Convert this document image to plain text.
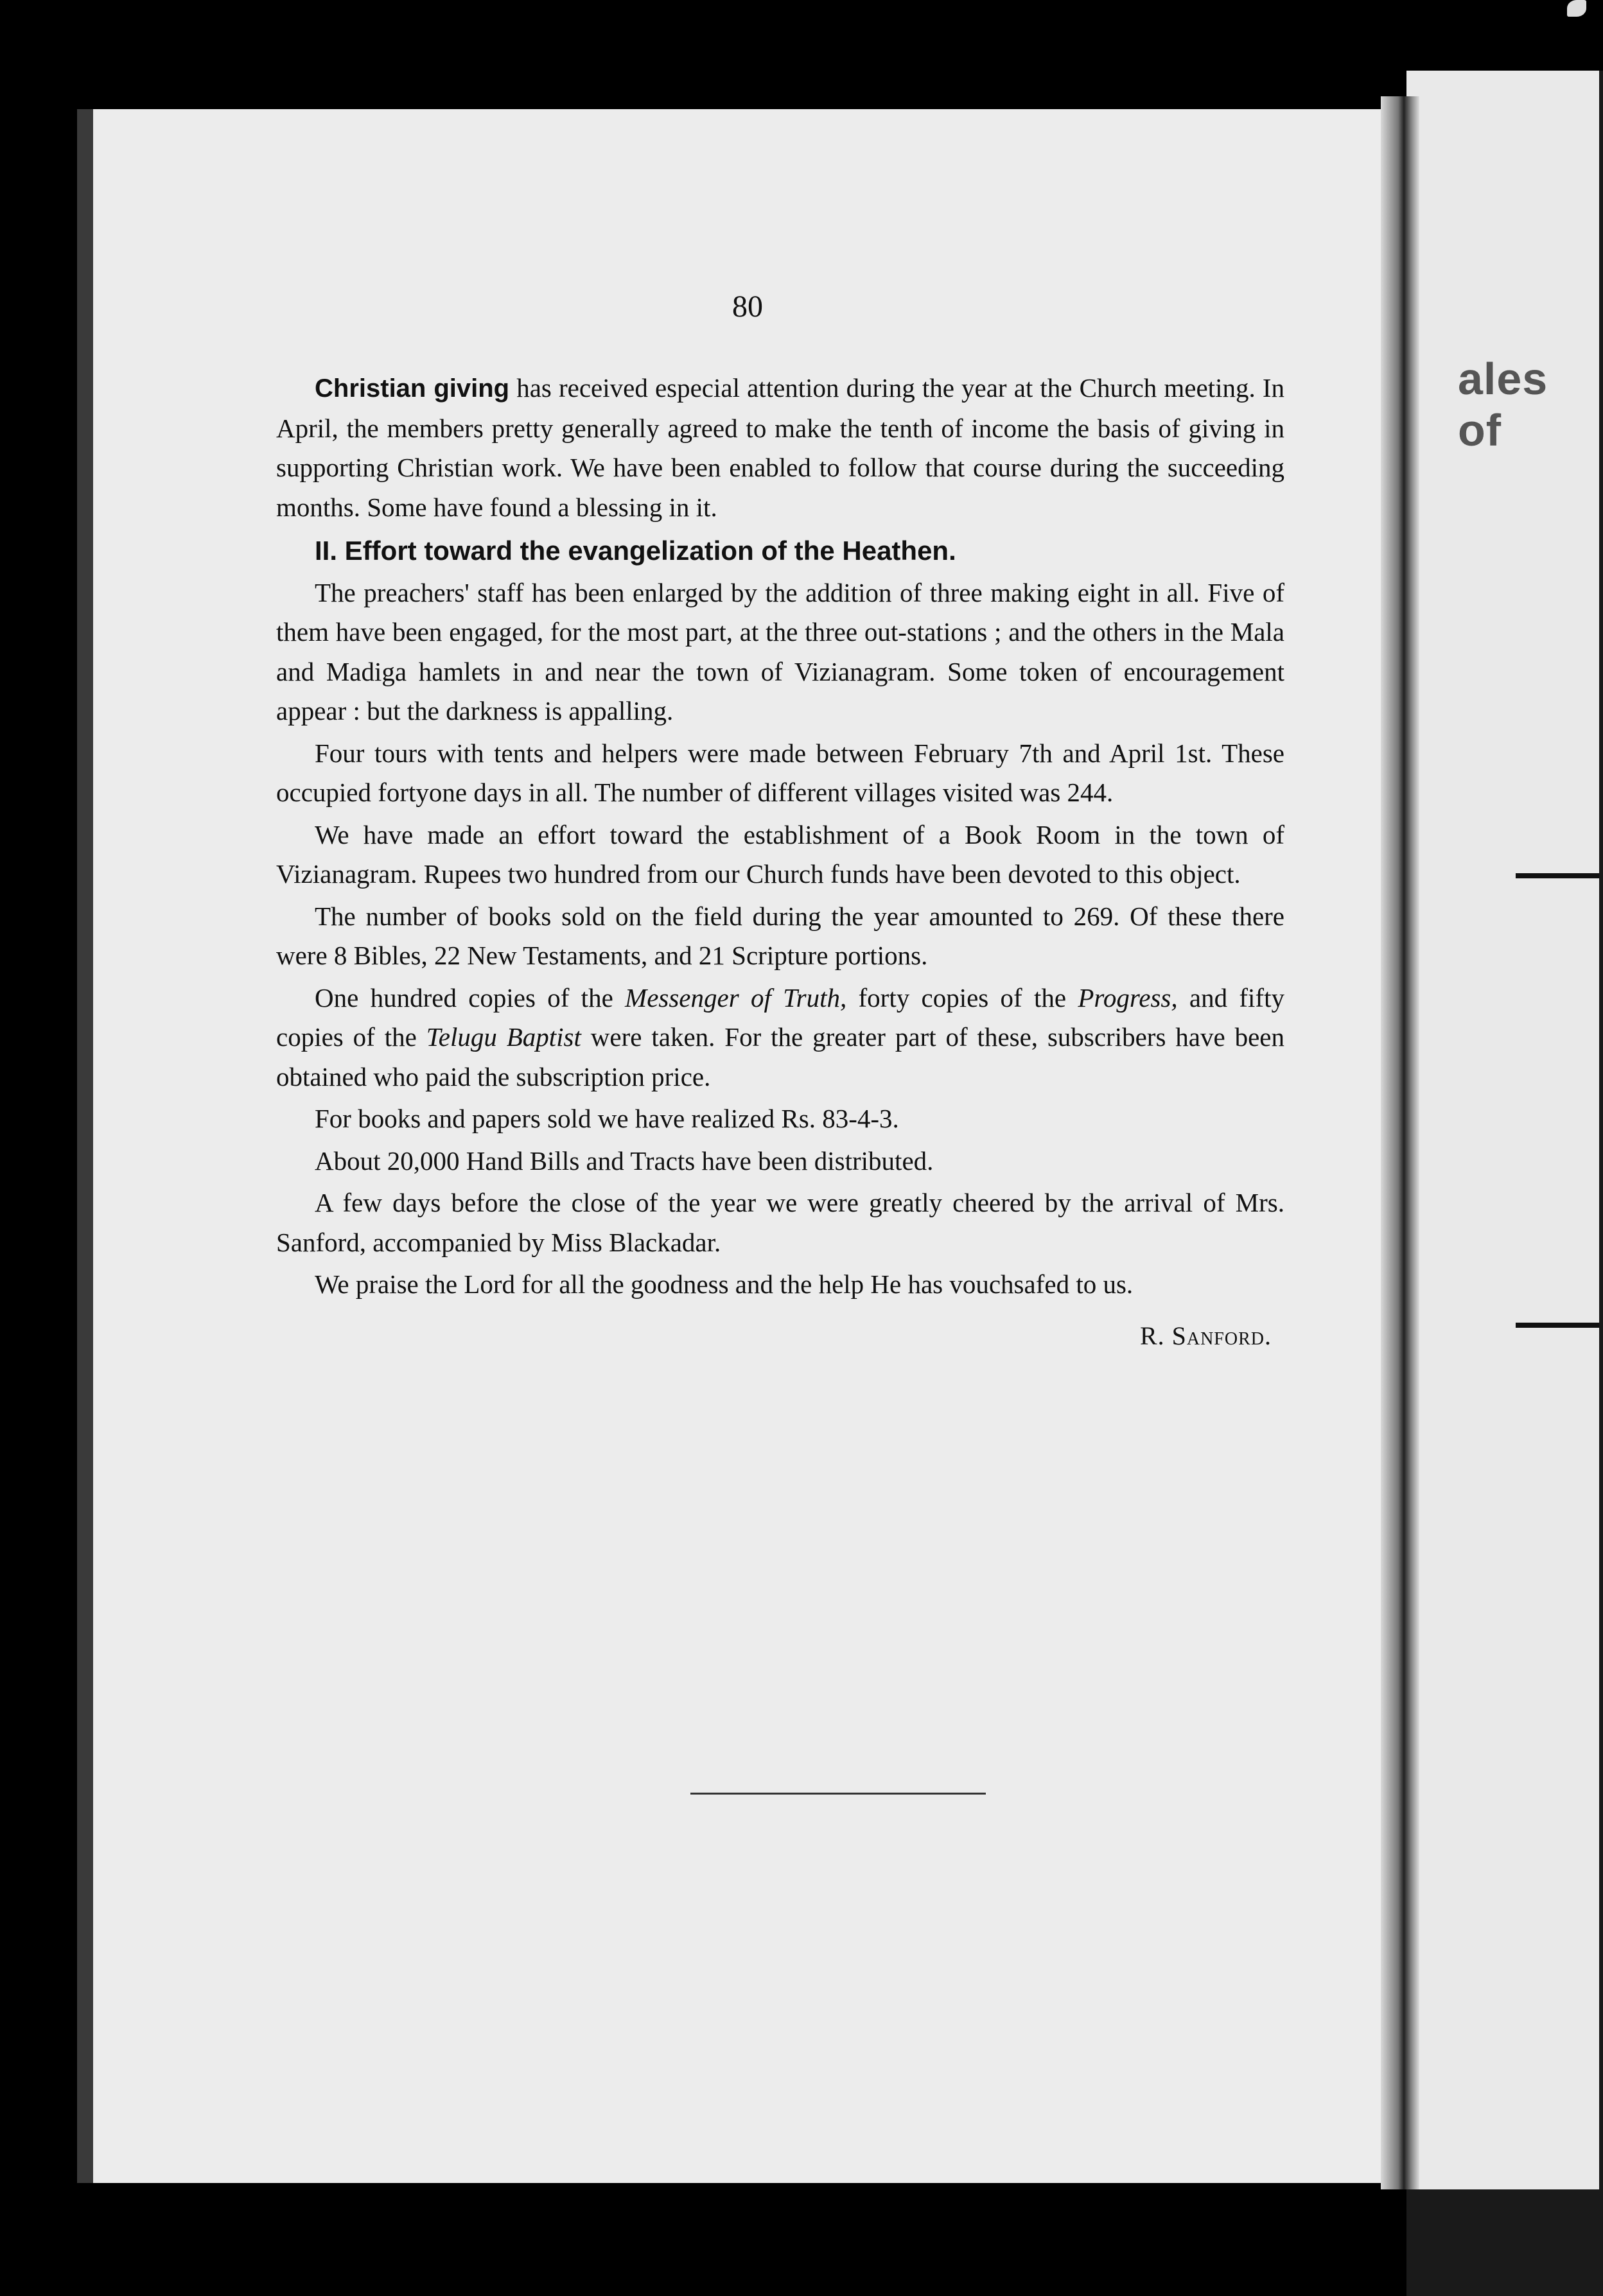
ales of
80

Christian giving has received especial attention during the year at the Church meeting. In April, the members pretty generally agreed to make the tenth of income the basis of giving in supporting Christian work. We have been enabled to follow that course during the succeeding months. Some have found a blessing in it.

II. Effort toward the evangelization of the Heathen.

The preachers' staff has been enlarged by the addition of three making eight in all. Five of them have been engaged, for the most part, at the three out-stations ; and the others in the Mala and Madiga hamlets in and near the town of Vizianagram. Some token of encouragement appear : but the darkness is appalling.

Four tours with tents and helpers were made between February 7th and April 1st. These occupied fortyone days in all. The number of different villages visited was 244.

We have made an effort toward the establishment of a Book Room in the town of Vizianagram. Rupees two hundred from our Church funds have been devoted to this object.

The number of books sold on the field during the year amounted to 269. Of these there were 8 Bibles, 22 New Testaments, and 21 Scripture portions.

One hundred copies of the Messenger of Truth, forty copies of the Progress, and fifty copies of the Telugu Baptist were taken. For the greater part of these, subscribers have been obtained who paid the subscription price.

For books and papers sold we have realized Rs. 83-4-3.

About 20,000 Hand Bills and Tracts have been distributed.

A few days before the close of the year we were greatly cheered by the arrival of Mrs. Sanford, accompanied by Miss Blackadar.

We praise the Lord for all the goodness and the help He has vouchsafed to us.

R. Sanford.
